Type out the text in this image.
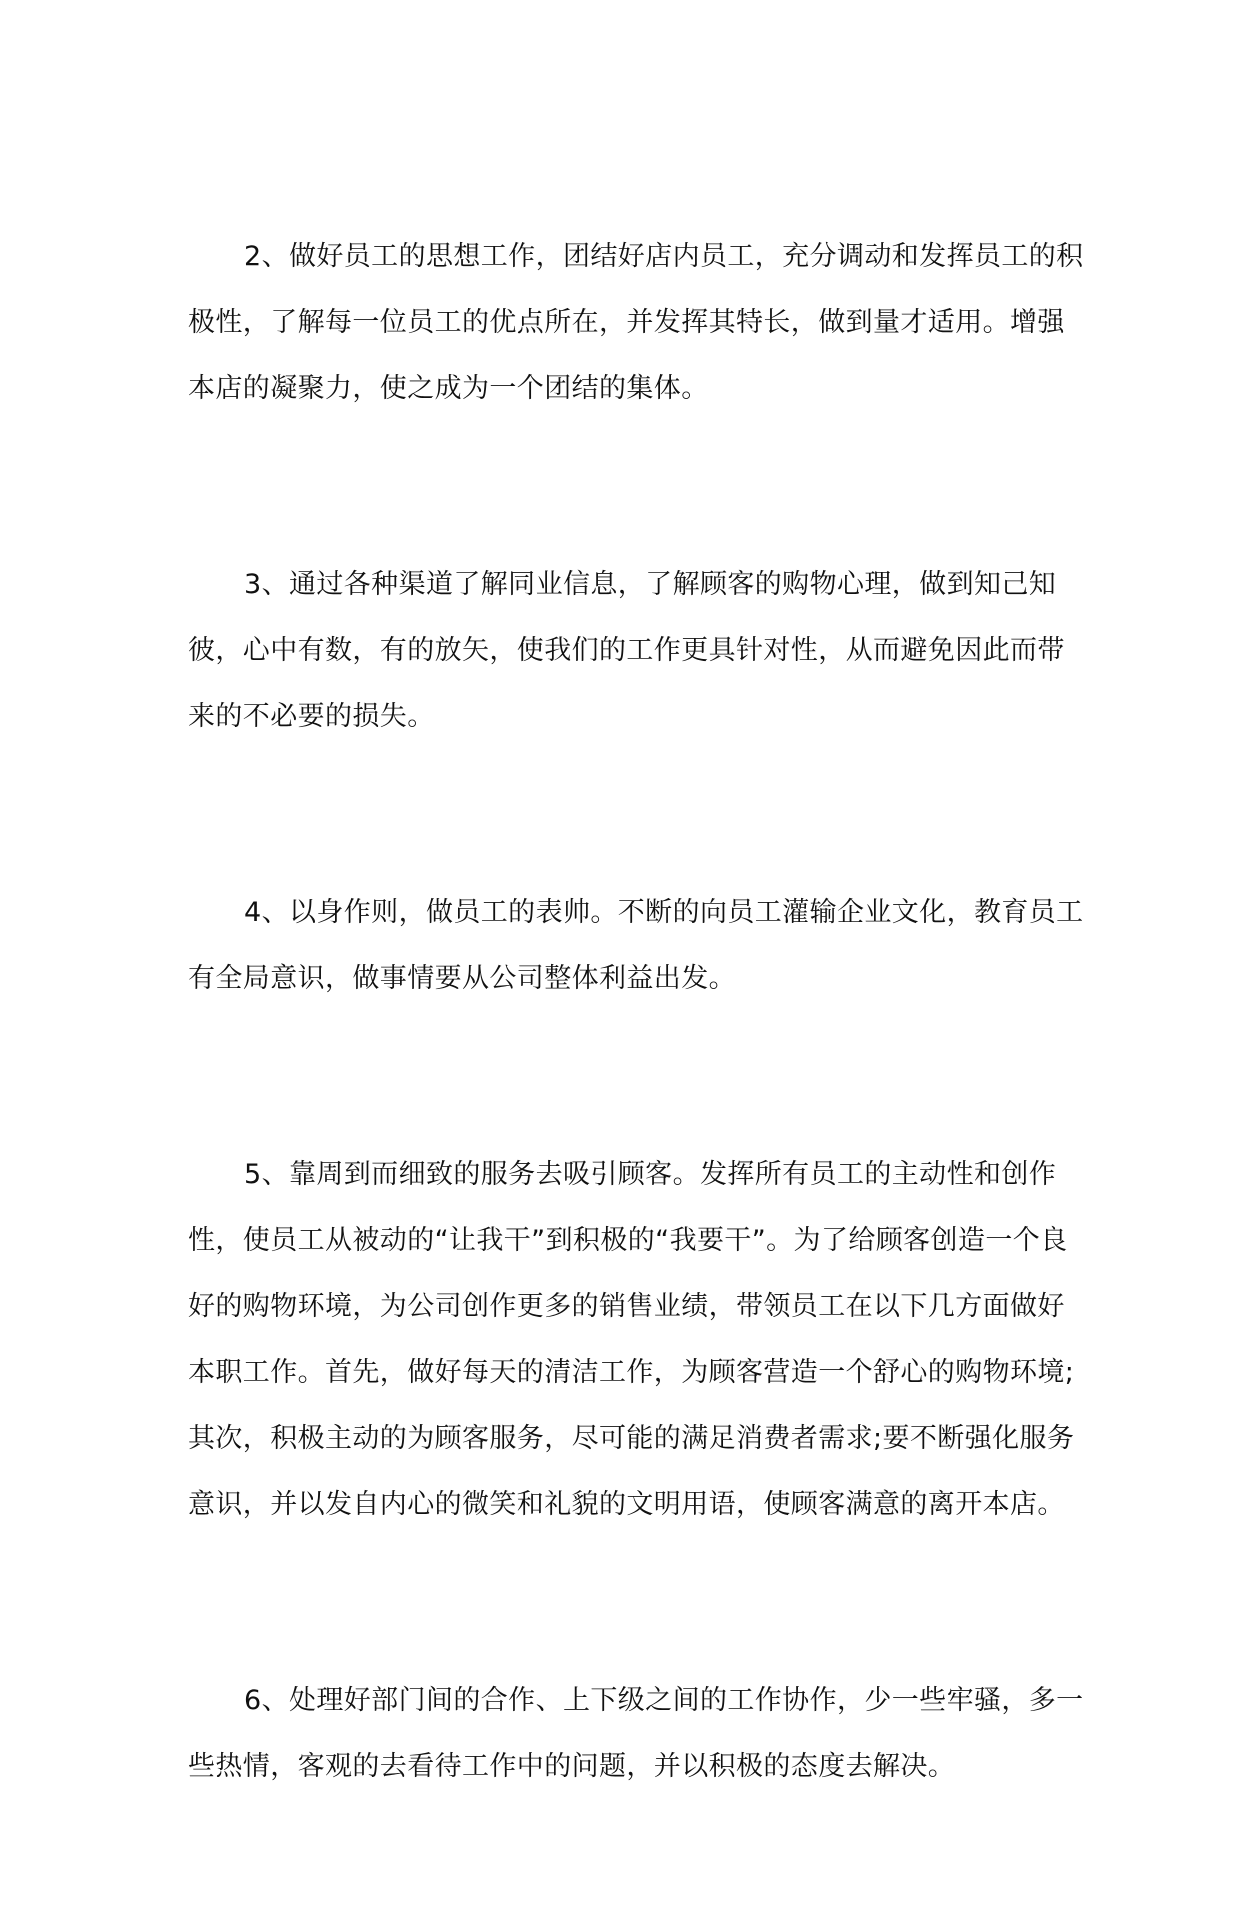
2、做好员工的思想工作，团结好店内员工，充分调动和发挥员工的积极性，了解每一位员工的优点所在，并发挥其特长，做到量才适用。增强本店的凝聚力，使之成为一个团结的集体。

3、通过各种渠道了解同业信息，了解顾客的购物心理，做到知己知彼，心中有数，有的放矢，使我们的工作更具针对性，从而避免因此而带来的不必要的损失。

4、以身作则，做员工的表帅。不断的向员工灌输企业文化，教育员工有全局意识，做事情要从公司整体利益出发。

5、靠周到而细致的服务去吸引顾客。发挥所有员工的主动性和创作性，使员工从被动的“让我干”到积极的“我要干”。为了给顾客创造一个良好的购物环境，为公司创作更多的销售业绩，带领员工在以下几方面做好本职工作。首先，做好每天的清洁工作，为顾客营造一个舒心的购物环境;其次，积极主动的为顾客服务，尽可能的满足消费者需求;要不断强化服务意识，并以发自内心的微笑和礼貌的文明用语，使顾客满意的离开本店。

6、处理好部门间的合作、上下级之间的工作协作，少一些牢骚，多一些热情，客观的去看待工作中的问题，并以积极的态度去解决。
